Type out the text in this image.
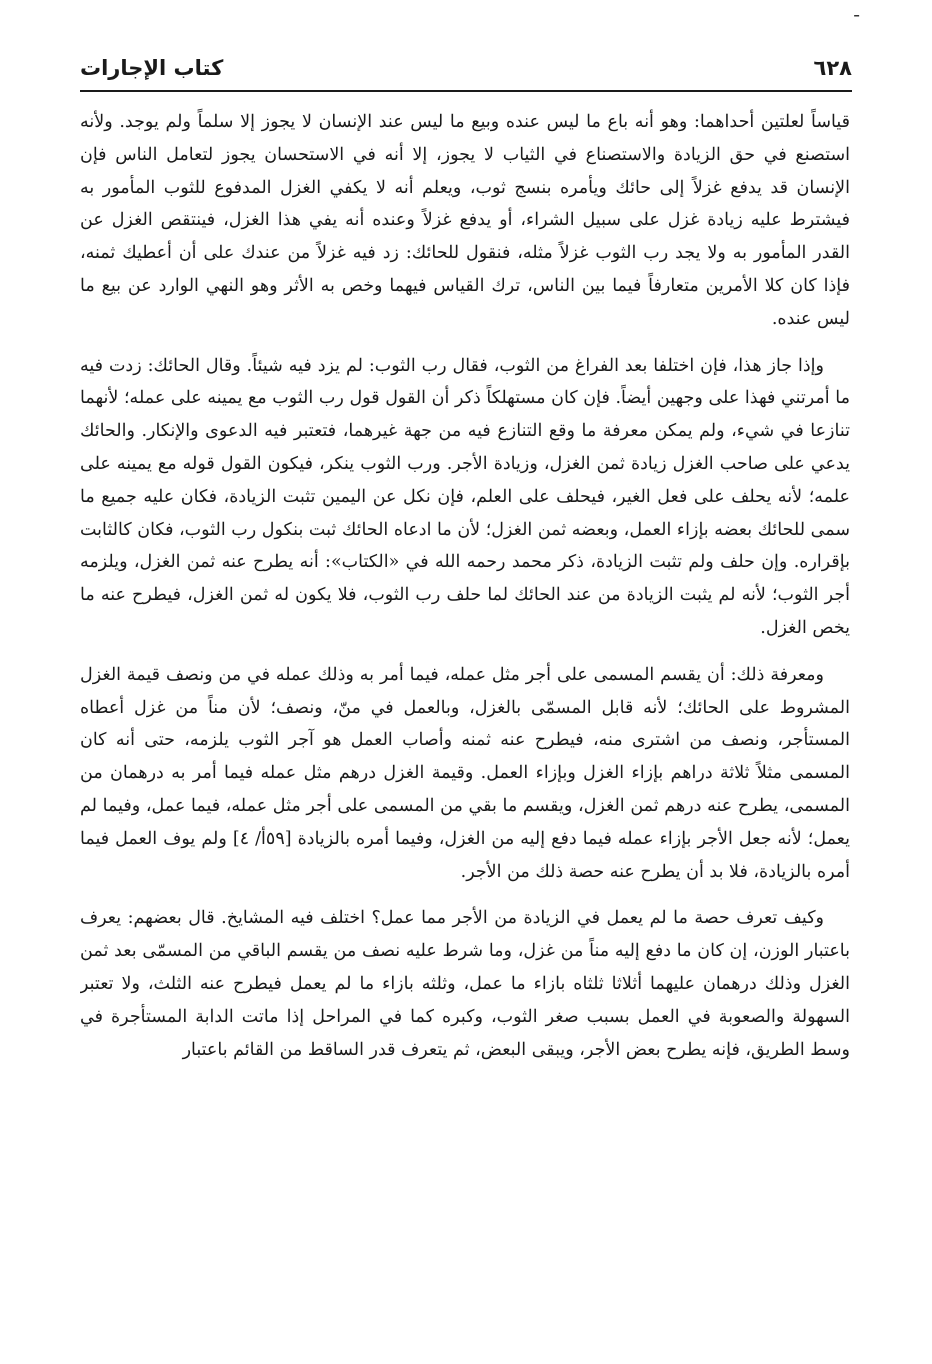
-
٦٢٨
كتاب الإجارات

قياساً لعلتين أحداهما: وهو أنه باع ما ليس عنده وبيع ما ليس عند الإنسان لا يجوز إلا سلماً ولم يوجد. ولأنه استصنع في حق الزيادة والاستصناع في الثياب لا يجوز، إلا أنه في الاستحسان يجوز لتعامل الناس فإن الإنسان قد يدفع غزلاً إلى حائك ويأمره بنسج ثوب، ويعلم أنه لا يكفي الغزل المدفوع للثوب المأمور به فيشترط عليه زيادة غزل على سبيل الشراء، أو يدفع غزلاً وعنده أنه يفي هذا الغزل، فينتقص الغزل عن القدر المأمور به ولا يجد رب الثوب غزلاً مثله، فنقول للحائك: زد فيه غزلاً من عندك على أن أعطيك ثمنه، فإذا كان كلا الأمرين متعارفاً فيما بين الناس، ترك القياس فيهما وخص به الأثر وهو النهي الوارد عن بيع ما ليس عنده.

وإذا جاز هذا، فإن اختلفا بعد الفراغ من الثوب، فقال رب الثوب: لم يزد فيه شيئاً. وقال الحائك: زدت فيه ما أمرتني فهذا على وجهين أيضاً. فإن كان مستهلكاً ذكر أن القول قول رب الثوب مع يمينه على عمله؛ لأنهما تنازعا في شيء، ولم يمكن معرفة ما وقع التنازع فيه من جهة غيرهما، فتعتبر فيه الدعوى والإنكار. والحائك يدعي على صاحب الغزل زيادة ثمن الغزل، وزيادة الأجر. ورب الثوب ينكر، فيكون القول قوله مع يمينه على علمه؛ لأنه يحلف على فعل الغير، فيحلف على العلم، فإن نكل عن اليمين تثبت الزيادة، فكان عليه جميع ما سمى للحائك بعضه بإزاء العمل، وبعضه ثمن الغزل؛ لأن ما ادعاه الحائك ثبت بنكول رب الثوب، فكان كالثابت بإقراره. وإن حلف ولم تثبت الزيادة، ذكر محمد رحمه الله في «الكتاب»: أنه يطرح عنه ثمن الغزل، ويلزمه أجر الثوب؛ لأنه لم يثبت الزيادة من عند الحائك لما حلف رب الثوب، فلا يكون له ثمن الغزل، فيطرح عنه ما يخص الغزل.

ومعرفة ذلك: أن يقسم المسمى على أجر مثل عمله، فيما أمر به وذلك عمله في من ونصف قيمة الغزل المشروط على الحائك؛ لأنه قابل المسمّى بالغزل، وبالعمل في منّ، ونصف؛ لأن مناً من غزل أعطاه المستأجر، ونصف من اشترى منه، فيطرح عنه ثمنه وأصاب العمل هو آجر الثوب يلزمه، حتى أنه كان المسمى مثلاً ثلاثة دراهم بإزاء الغزل وبإزاء العمل. وقيمة الغزل درهم مثل عمله فيما أمر به درهمان من المسمى، يطرح عنه درهم ثمن الغزل، ويقسم ما بقي من المسمى على أجر مثل عمله، فيما عمل، وفيما لم يعمل؛ لأنه جعل الأجر بإزاء عمله فيما دفع إليه من الغزل، وفيما أمره بالزيادة [٥٩أ/ ٤] ولم يوف العمل فيما أمره بالزيادة، فلا بد أن يطرح عنه حصة ذلك من الأجر.

وكيف تعرف حصة ما لم يعمل في الزيادة من الأجر مما عمل؟ اختلف فيه المشايخ. قال بعضهم: يعرف باعتبار الوزن، إن كان ما دفع إليه مناً من غزل، وما شرط عليه نصف من يقسم الباقي من المسمّى بعد ثمن الغزل وذلك درهمان عليهما أثلاثا ثلثاه بازاء ما عمل، وثلثه بازاء ما لم يعمل فيطرح عنه الثلث، ولا تعتبر السهولة والصعوبة في العمل بسبب صغر الثوب، وكبره كما في المراحل إذا ماتت الدابة المستأجرة في وسط الطريق، فإنه يطرح بعض الأجر، ويبقى البعض، ثم يتعرف قدر الساقط من القائم باعتبار
